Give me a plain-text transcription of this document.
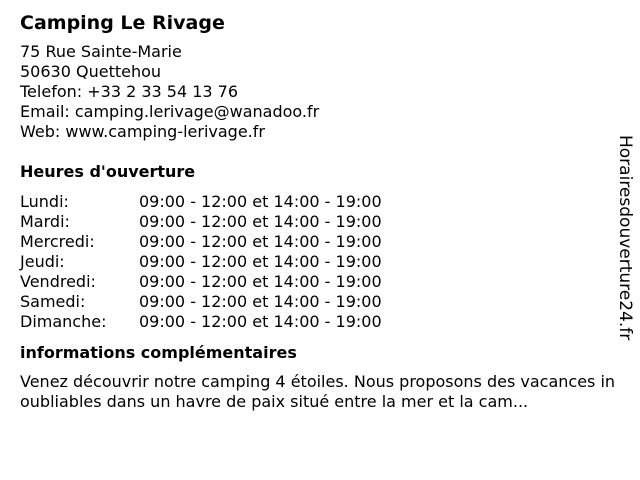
Camping Le Rivage
75 Rue Sainte-Marie
50630 Quettehou
Telefon: +33 2 33 54 13 76
Email: camping.lerivage@wanadoo.fr
Web: www.camping-lerivage.fr
Heures d'ouverture
Lundi:	09:00 - 12:00 et 14:00 - 19:00
Mardi:	09:00 - 12:00 et 14:00 - 19:00
Mercredi:	09:00 - 12:00 et 14:00 - 19:00
Jeudi:	09:00 - 12:00 et 14:00 - 19:00
Vendredi:	09:00 - 12:00 et 14:00 - 19:00
Samedi:	09:00 - 12:00 et 14:00 - 19:00
Dimanche: 09:00 - 12:00 et 14:00 - 19:00
informations complémentaires
Venez découvrir notre camping 4 étoiles. Nous proposons des vacances inoubliables dans un havre de paix situé entre la mer et la cam...
Horairesdouverture24.fr
